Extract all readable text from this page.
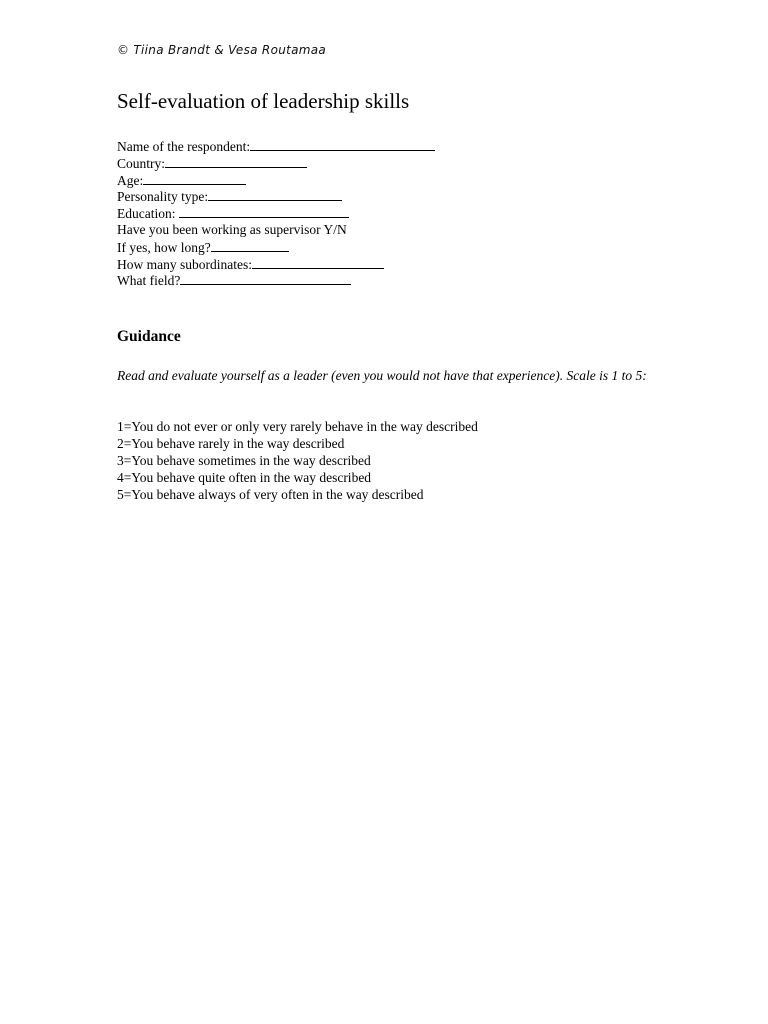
© Tiina Brandt & Vesa Routamaa
Self-evaluation of leadership skills
Name of the respondent:
Country:
Age:
Personality type:
Education:
Have you been working as supervisor Y/N
If yes, how long?
How many subordinates:
What field?
Guidance

Read and evaluate yourself as a leader (even you would not have that experience). Scale is 1 to 5:

1=You do not ever or only very rarely behave in the way described
2=You behave rarely in the way described
3=You behave sometimes in the way described
4=You behave quite often in the way described
5=You behave always of very often in the way described
